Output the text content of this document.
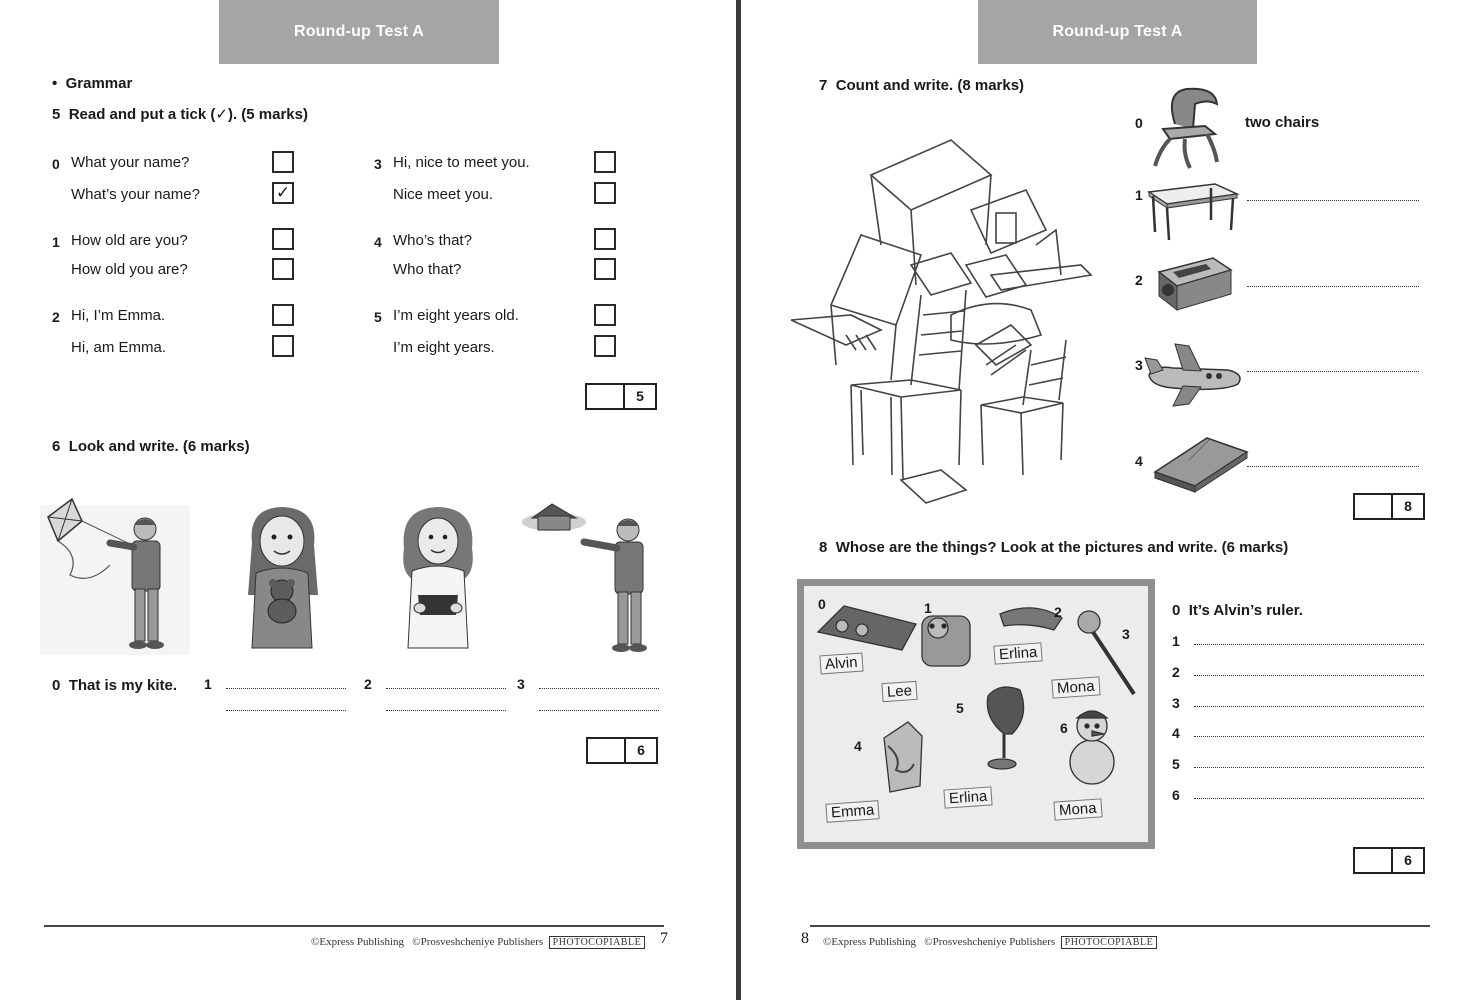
Round-up Test A
• Grammar
5 Read and put a tick (✓). (5 marks)
0 What your name?
What’s your name?	✓
1 How old are you?
How old you are?
2 Hi, I’m Emma.
Hi, am Emma.
3 Hi, nice to meet you.
Nice meet you.
4 Who’s that?
Who that?
5 I’m eight years old.
I’m eight years.
5
6 Look and write. (6 marks)
0 That is my kite. 1	2	3
6
©Express Publishing ©Prosveshcheniye Publishers PHOTOCOPIABLE 7
Round-up Test A
7 Count and write. (8 marks)
0	two chairs
1
2
3
4
8
8 Whose are the things? Look at the pictures and write. (6 marks)
0	1	2
3
4
5
6
Alvin
Lee
Erlina
Mona
Emma
Erlina
Mona
0 It’s Alvin’s ruler.
1
2
3
4
5
6
6
8 ©Express Publishing ©Prosveshcheniye Publishers PHOTOCOPIABLE
